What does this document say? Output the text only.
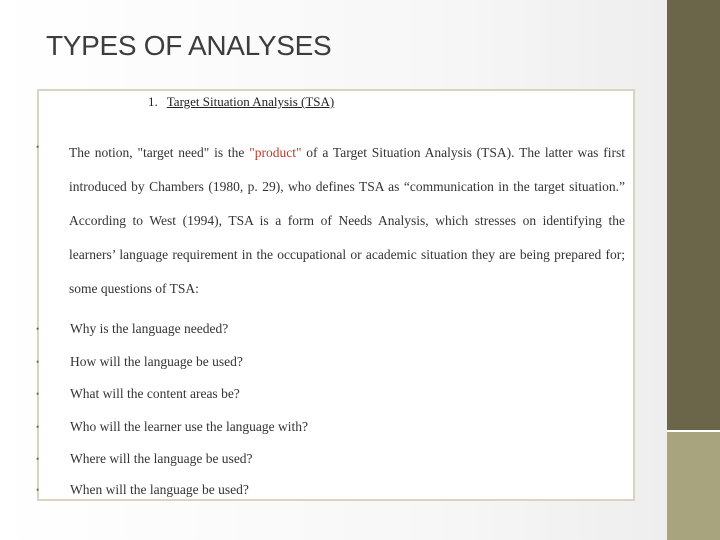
TYPES OF ANALYSES
1. Target Situation Analysis (TSA)
• The notion, "target need" is the "product" of a Target Situation Analysis (TSA). The latter was first introduced by Chambers (1980, p. 29), who defines TSA as “communication in the target situation.” According to West (1994), TSA is a form of Needs Analysis, which stresses on identifying the learners’ language requirement in the occupational or academic situation they are being prepared for; some questions of TSA:
• Why is the language needed?
• How will the language be used?
• What will the content areas be?
• Who will the learner use the language with?
• Where will the language be used?
• When will the language be used?
